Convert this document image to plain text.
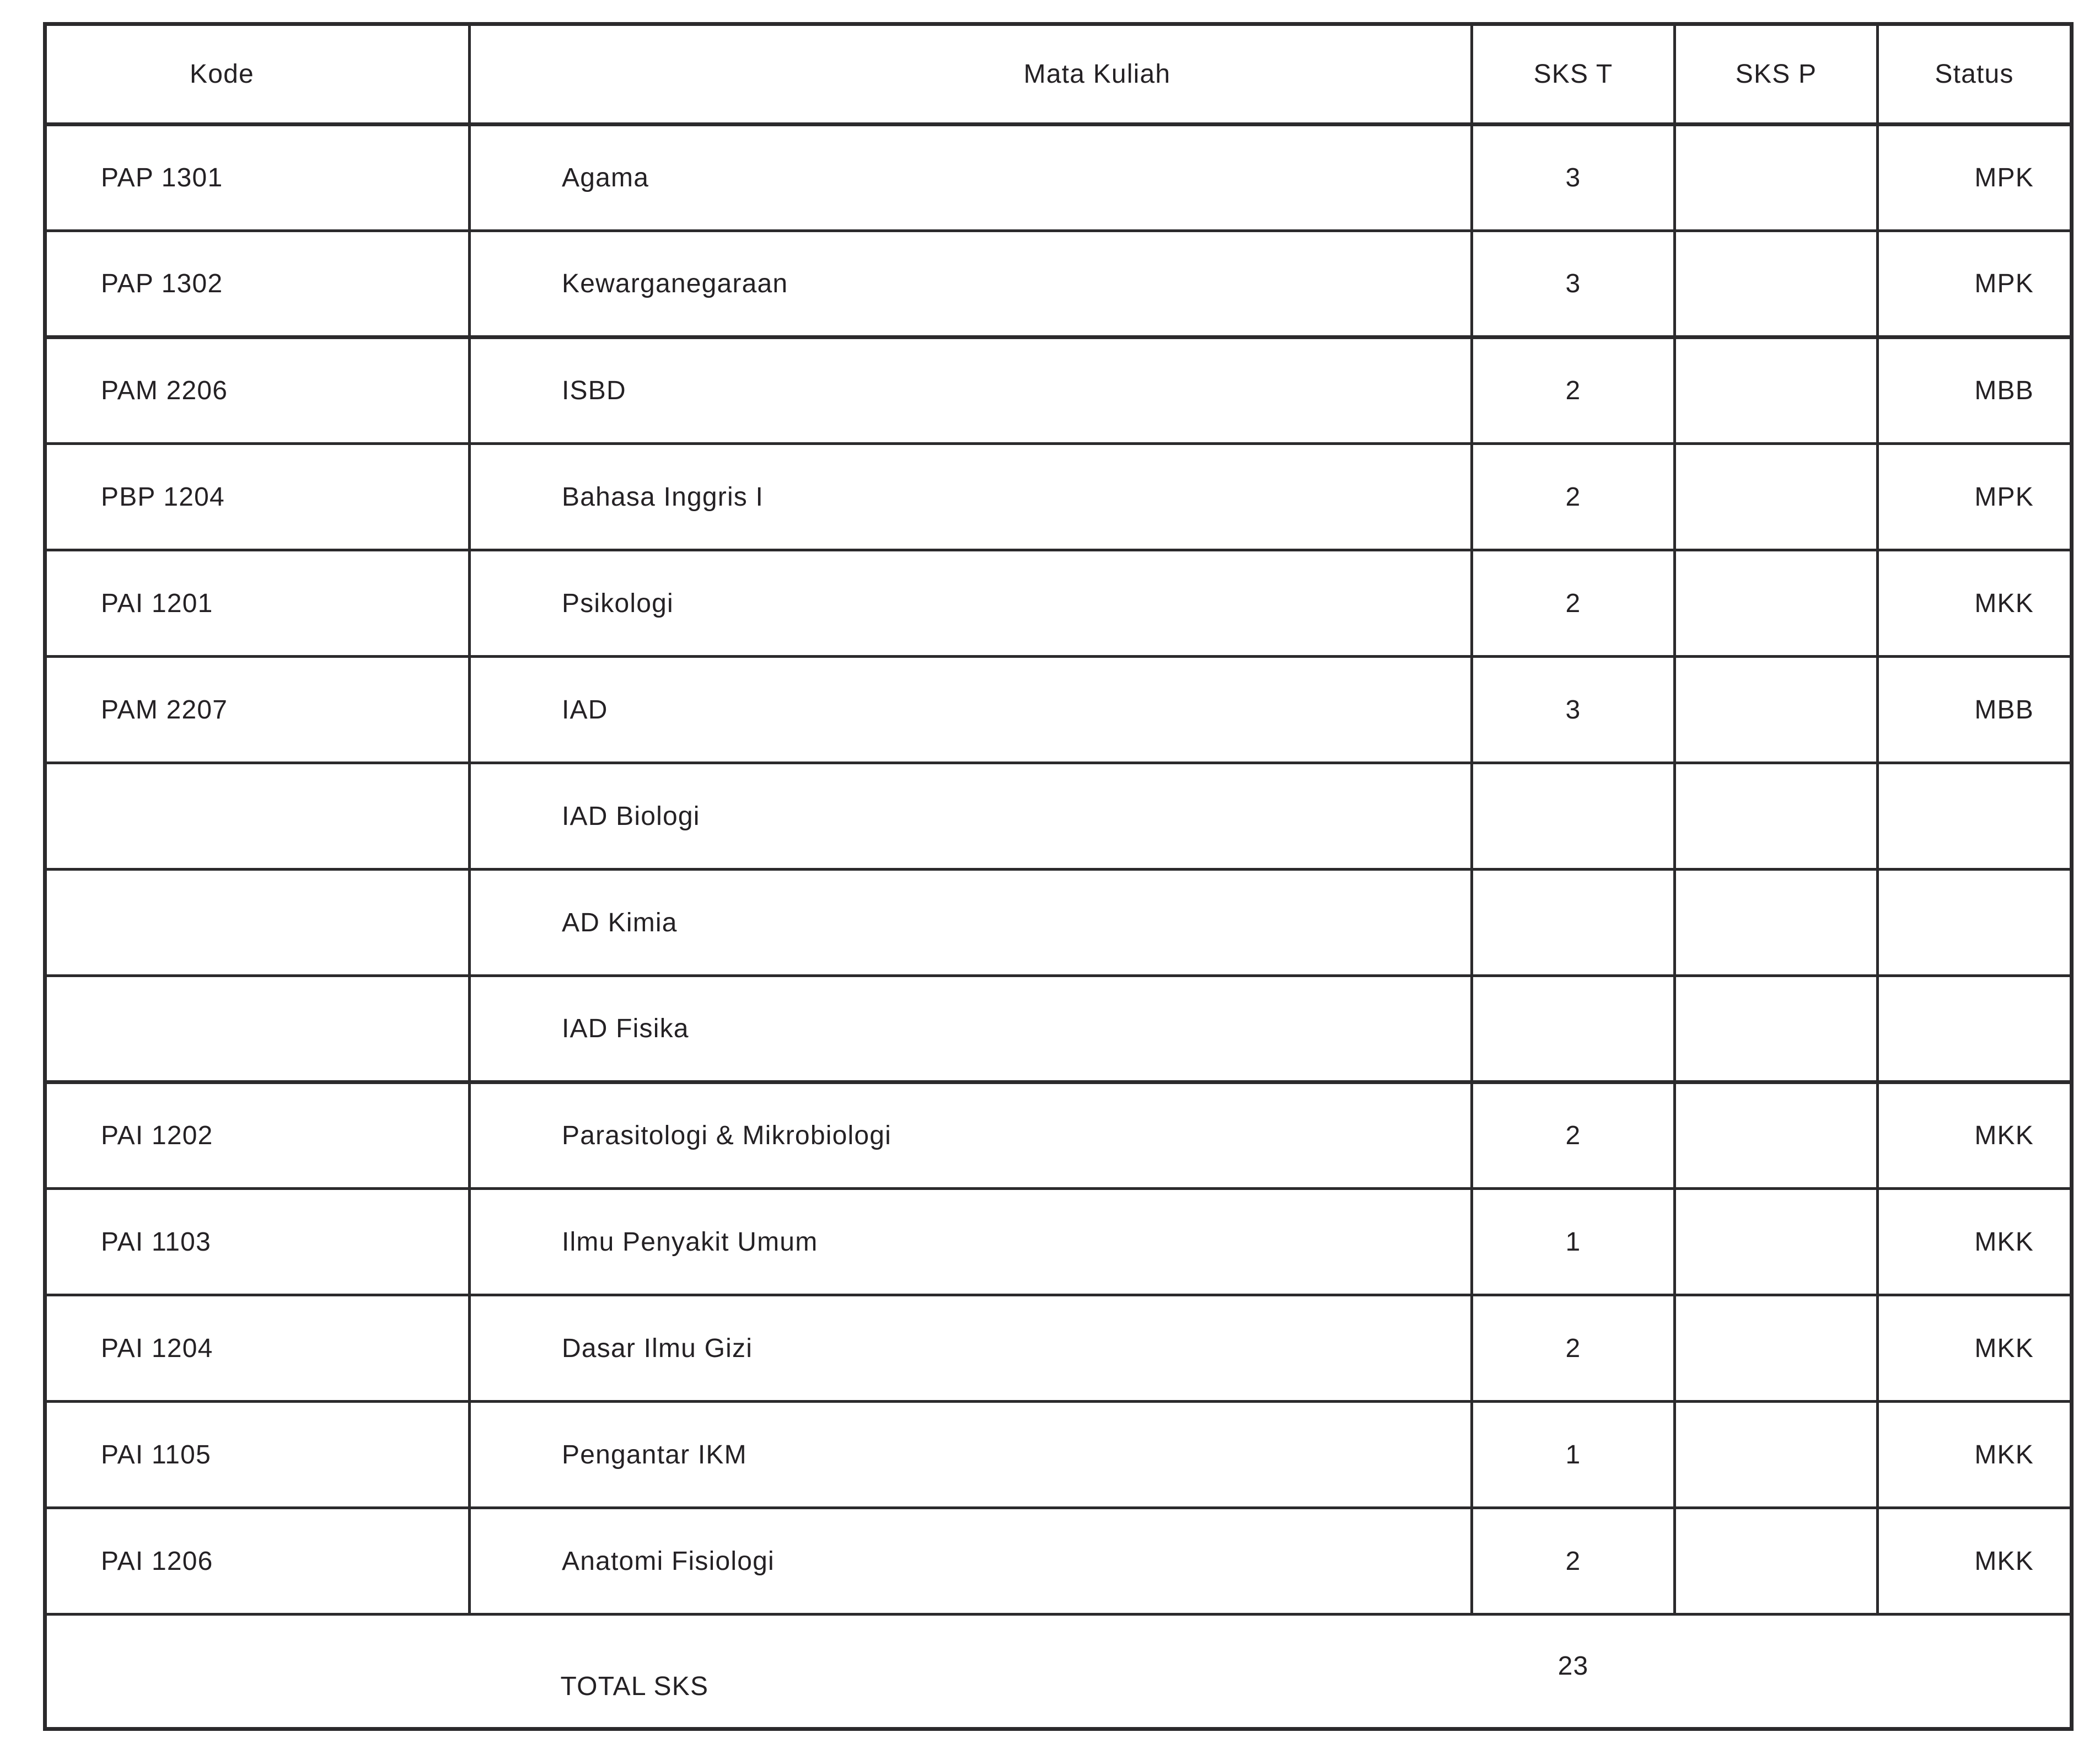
Kode	Mata Kuliah	SKS T	SKS P	Status
PAP 1301	Agama	3		MPK
PAP 1302	Kewarganegaraan	3		MPK
PAM 2206	ISBD	2		MBB
PBP 1204	Bahasa Inggris I	2		MPK
PAI 1201	Psikologi	2		MKK
PAM 2207	IAD	3		MBB
	IAD Biologi			
	AD Kimia			
	IAD Fisika			
PAI 1202	Parasitologi & Mikrobiologi	2		MKK
PAI 1103	Ilmu Penyakit Umum	1		MKK
PAI 1204	Dasar Ilmu Gizi	2		MKK
PAI 1105	Pengantar IKM	1		MKK
PAI 1206	Anatomi Fisiologi	2		MKK
	TOTAL SKS	23		
